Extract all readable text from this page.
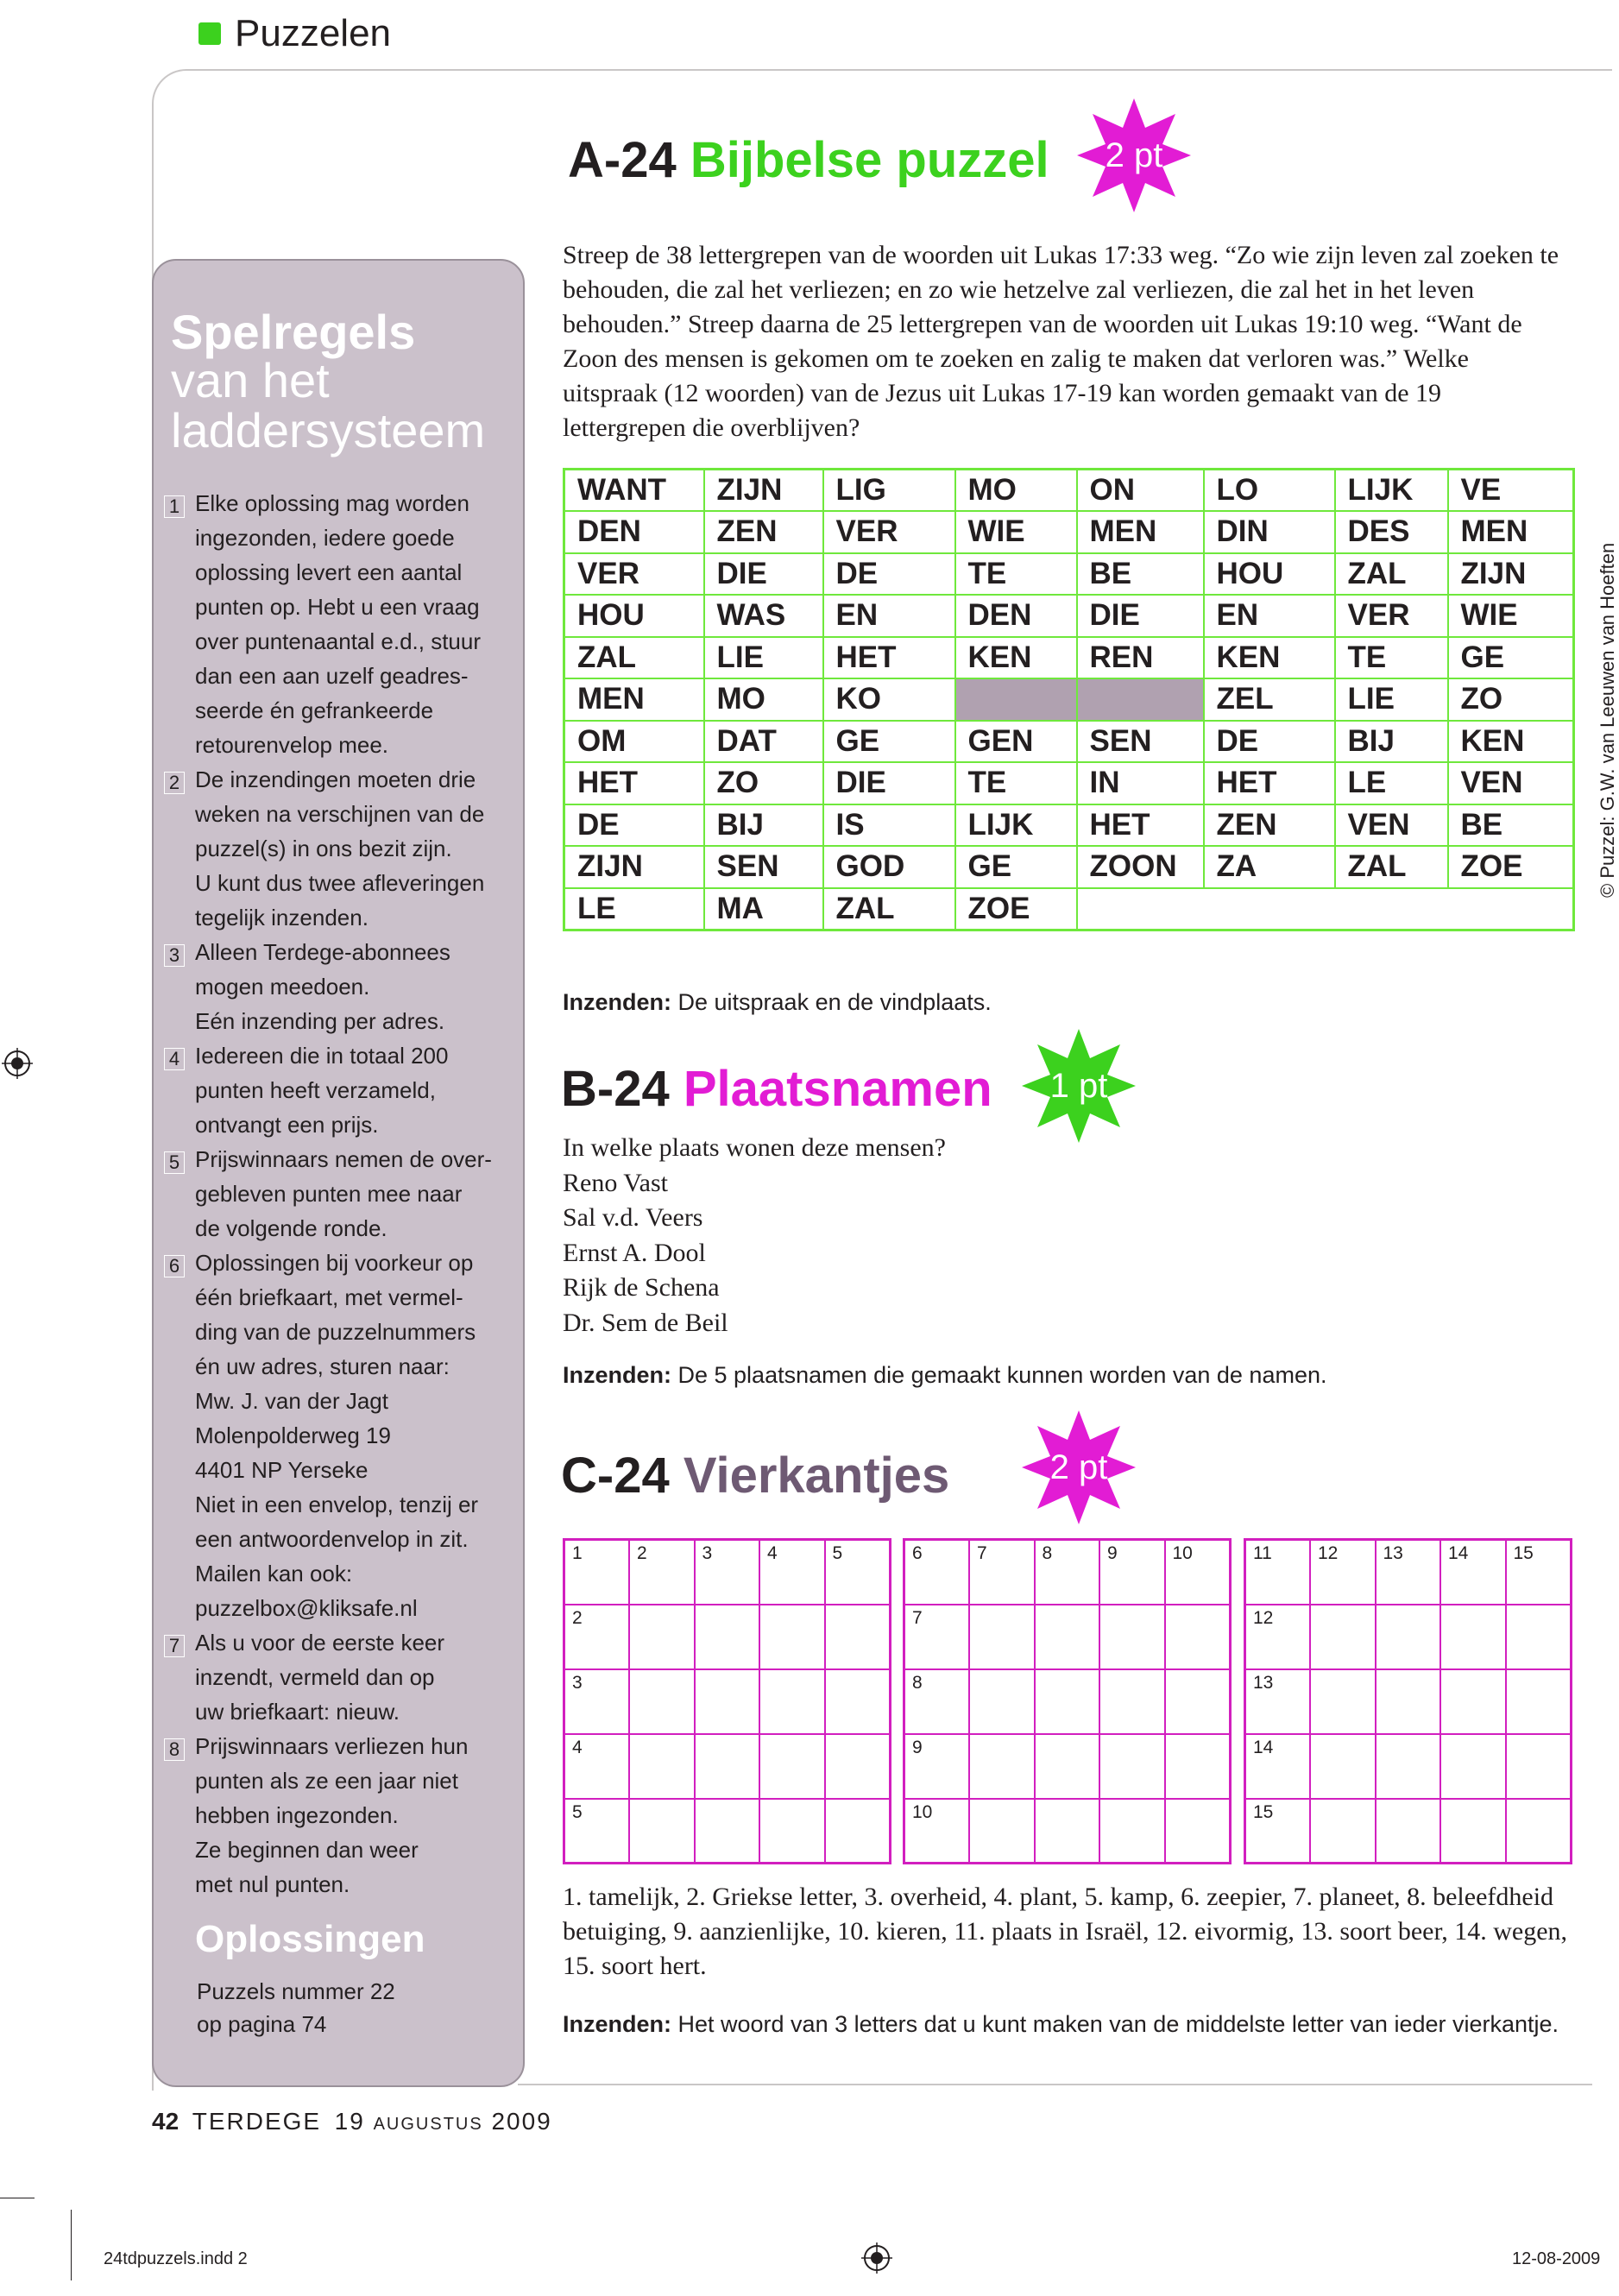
Puzzelen
Spelregels
van het laddersysteem
1 Elke oplossing mag worden
ingezonden, iedere goede
oplossing levert een aantal
punten op. Hebt u een vraag
over puntenaantal e.d., stuur
dan een aan uzelf geadres-
seerde én gefrankeerde
retourenvelop mee.
2 De inzendingen moeten drie
weken na verschijnen van de
puzzel(s) in ons bezit zijn.
U kunt dus twee afleveringen
tegelijk inzenden.
3 Alleen Terdege-abonnees
mogen meedoen.
Eén inzending per adres.
4 Iedereen die in totaal 200
punten heeft verzameld,
ontvangt een prijs.
5 Prijswinnaars nemen de over-
gebleven punten mee naar
de volgende ronde.
6 Oplossingen bij voorkeur op
één briefkaart, met vermel-
ding van de puzzelnummers
én uw adres, sturen naar:
Mw. J. van der Jagt
Molenpolderweg 19
4401 NP Yerseke
Niet in een envelop, tenzij er
een antwoordenvelop in zit.
Mailen kan ook:
puzzelbox@kliksafe.nl
7 Als u voor de eerste keer
inzendt, vermeld dan op
uw briefkaart: nieuw.
8 Prijswinnaars verliezen hun
punten als ze een jaar niet
hebben ingezonden.
Ze beginnen dan weer
met nul punten.
Oplossingen
Puzzels nummer 22
op pagina 74
A-24 Bijbelse puzzel	2 pt
Streep de 38 lettergrepen van de woorden uit Lukas 17:33 weg. “Zo wie zijn leven zal zoeken te behouden, die zal het verliezen; en zo wie hetzelve zal verliezen, die zal het in het leven behouden.” Streep daarna de 25 lettergrepen van de woorden uit Lukas 19:10 weg. “Want de Zoon des mensen is gekomen om te zoeken en zalig te maken dat verloren was.” Welke uitspraak (12 woorden) van de Jezus uit Lukas 17-19 kan worden gemaakt van de 19 lettergrepen die overblijven?
WANT	ZIJN	LIG	MO	ON	LO	LIJK	VE
DEN	ZEN	VER	WIE	MEN	DIN	DES	MEN
VER	DIE	DE	TE	BE	HOU	ZAL	ZIJN
HOU	WAS	EN	DEN	DIE	EN	VER	WIE
ZAL	LIE	HET	KEN	REN	KEN	TE	GE
MEN	MO	KO			ZEL	LIE	ZO
OM	DAT	GE	GEN	SEN	DE	BIJ	KEN
HET	ZO	DIE	TE	IN	HET	LE	VEN
DE	BIJ	IS	LIJK	HET	ZEN	VEN	BE
ZIJN	SEN	GOD	GE	ZOON	ZA	ZAL	ZOE
LE	MA	ZAL	ZOE				
Inzenden: De uitspraak en de vindplaats.
B-24 Plaatsnamen	1 pt
In welke plaats wonen deze mensen?
Reno Vast
Sal v.d. Veers
Ernst A. Dool
Rijk de Schena
Dr. Sem de Beil
Inzenden: De 5 plaatsnamen die gemaakt kunnen worden van de namen.
C-24 Vierkantjes	2 pt
1	2	3	4	5
2				
3				
4				
5				
6	7	8	9	10
7				
8				
9				
10				
11	12	13	14	15
12				
13				
14				
15				
1. tamelijk, 2. Griekse letter, 3. overheid, 4. plant, 5. kamp, 6. zeepier, 7. planeet, 8. beleefdheid betuiging, 9. aanzienlijke, 10. kieren, 11. plaats in Israël, 12. eivormig, 13. soort beer, 14. wegen, 15. soort hert.
Inzenden: Het woord van 3 letters dat u kunt maken van de middelste letter van ieder vierkantje.
42 TERDEGE 19 augustus 2009
© Puzzel: G.W. van Leeuwen van Hoeften
24tdpuzzels.indd 2	12-08-2009
